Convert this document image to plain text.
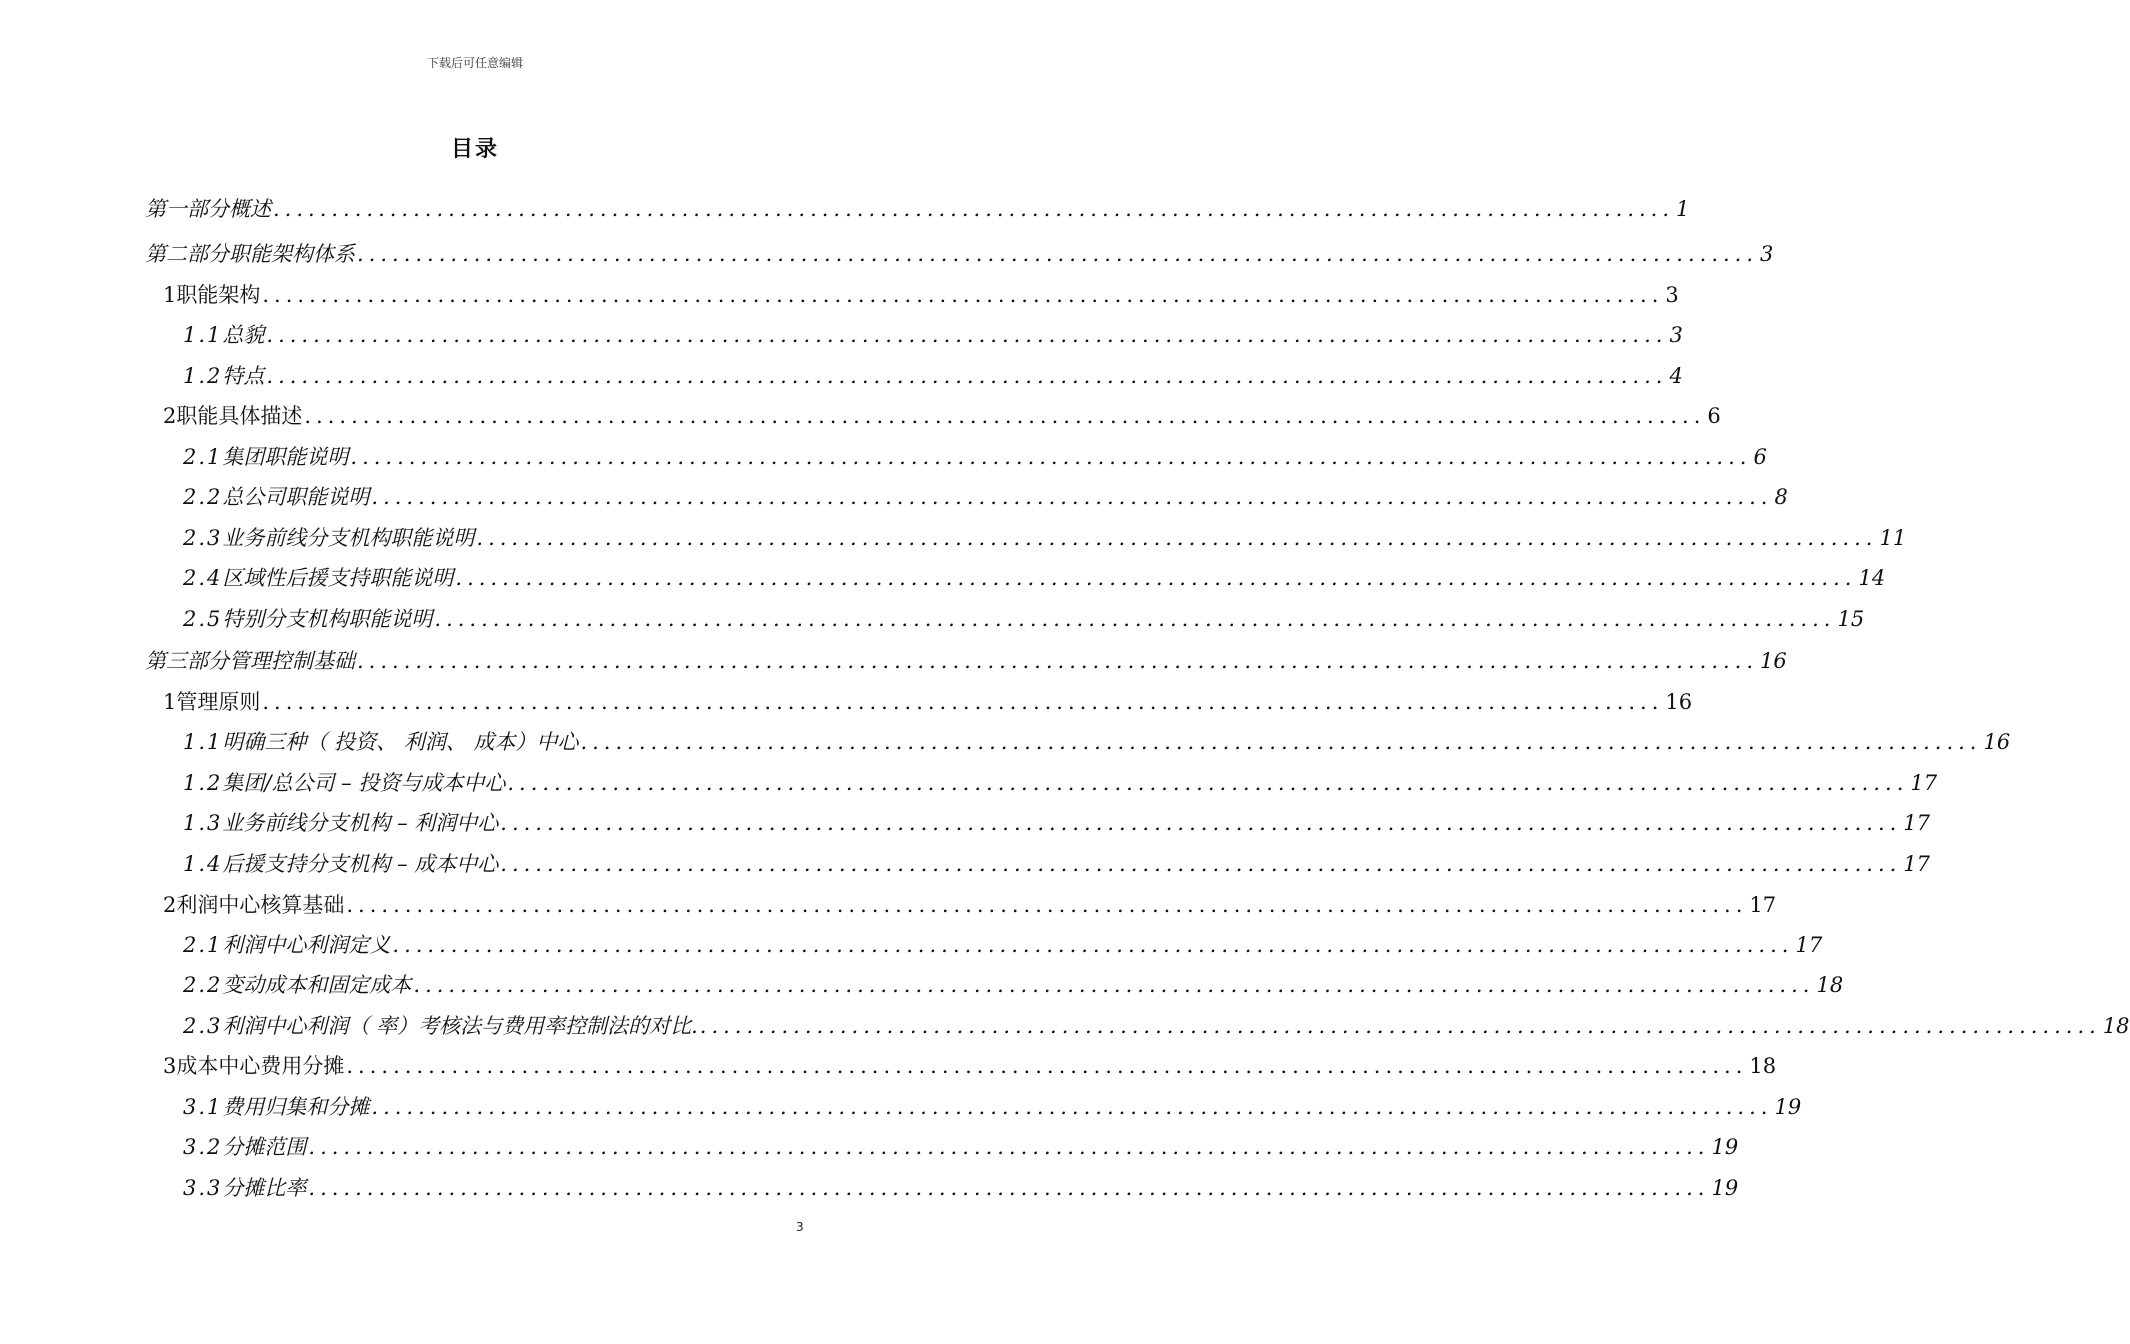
下载后可任意编辑
目录
第一部分 概述 ........................................................................................................................ 1
第二部分 职能架构体系 ........................................................................................................................ 3
1 职能架构 ........................................................................................................................ 3
1.1 总貌 ........................................................................................................................ 3
1.2 特点 ........................................................................................................................ 4
2 职能具体描述 ........................................................................................................................ 6
2.1 集团职能说明 ........................................................................................................................ 6
2.2 总公司职能说明 ........................................................................................................................ 8
2.3 业务前线分支机构职能说明 ........................................................................................................................ 11
2.4 区域性后援支持职能说明 ........................................................................................................................ 14
2.5 特别分支机构职能说明 ........................................................................................................................ 15
第三部分 管理控制基础 ........................................................................................................................ 16
1 管理原则 ........................................................................................................................ 16
1.1 明确三种（ 投资、 利润、 成本）中心 ........................................................................................................................ 16
1.2 集团/总公司 – 投资与成本中心 ........................................................................................................................ 17
1.3 业务前线分支机构 – 利润中心 ........................................................................................................................ 17
1.4 后援支持分支机构 – 成本中心 ........................................................................................................................ 17
2 利润中心核算基础 ........................................................................................................................ 17
2.1 利润中心利润定义 ........................................................................................................................ 17
2.2 变动成本和固定成本 ........................................................................................................................ 18
2.3 利润中心利润（ 率）考核法与费用率控制法的对比. ........................................................................................................................ 18
3 成本中心费用分摊 ........................................................................................................................ 18
3.1 费用归集和分摊 ........................................................................................................................ 19
3.2 分摊范围 ........................................................................................................................ 19
3.3 分摊比率 ........................................................................................................................ 19
3
